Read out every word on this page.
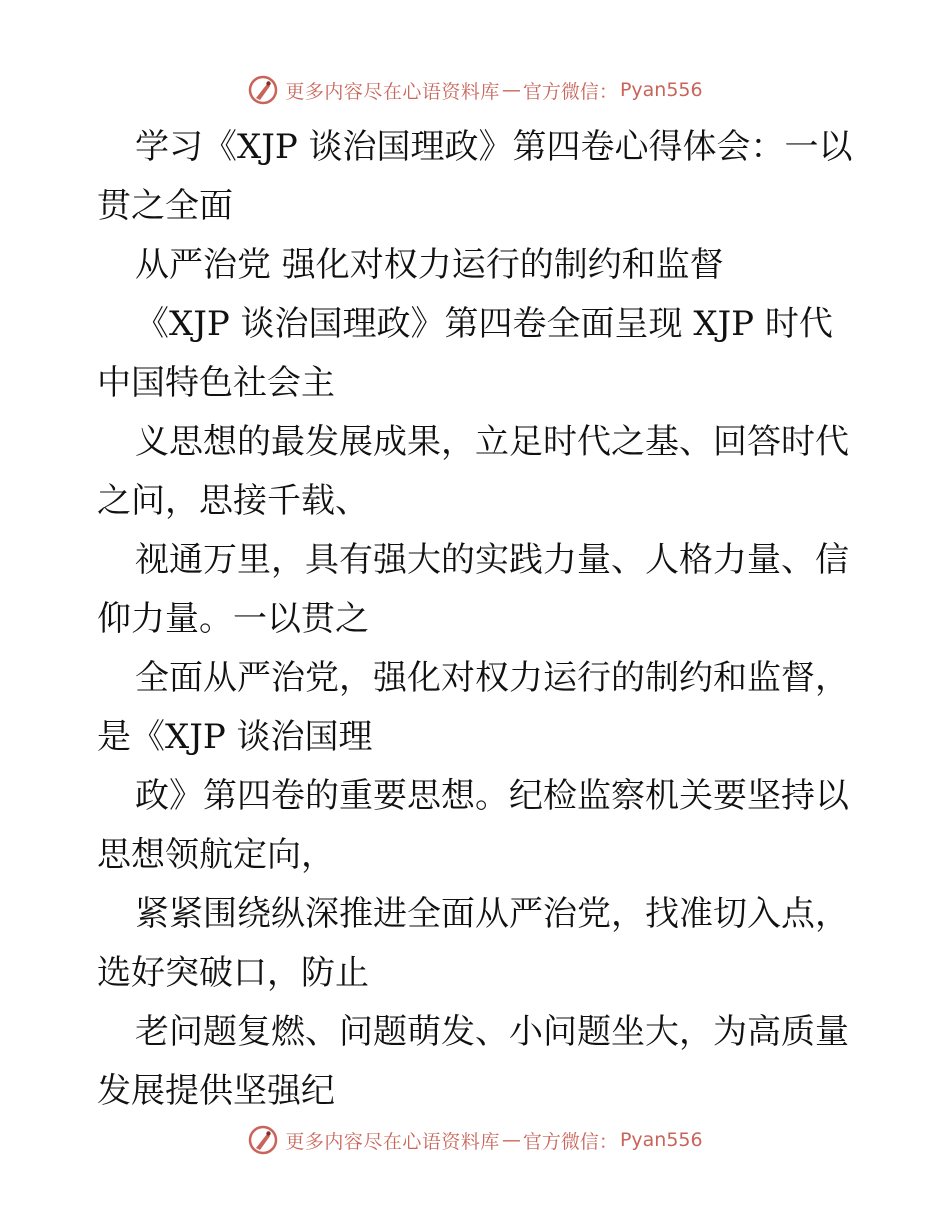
更多内容尽在心语资料库 — 官方微信： Pyan556

学习《XJP 谈治国理政》第四卷心得体会：一以贯之全面

从严治党 强化对权力运行的制约和监督

《XJP 谈治国理政》第四卷全面呈现 XJP 时代中国特色社会主

义思想的最发展成果，立足时代之基、回答时代之问，思接千载、

视通万里，具有强大的实践力量、人格力量、信仰力量。一以贯之

全面从严治党，强化对权力运行的制约和监督，是《XJP 谈治国理

政》第四卷的重要思想。纪检监察机关要坚持以思想领航定向，

紧紧围绕纵深推进全面从严治党，找准切入点，选好突破口，防止

老问题复燃、问题萌发、小问题坐大，为高质量发展提供坚强纪

更多内容尽在心语资料库 — 官方微信： Pyan556
